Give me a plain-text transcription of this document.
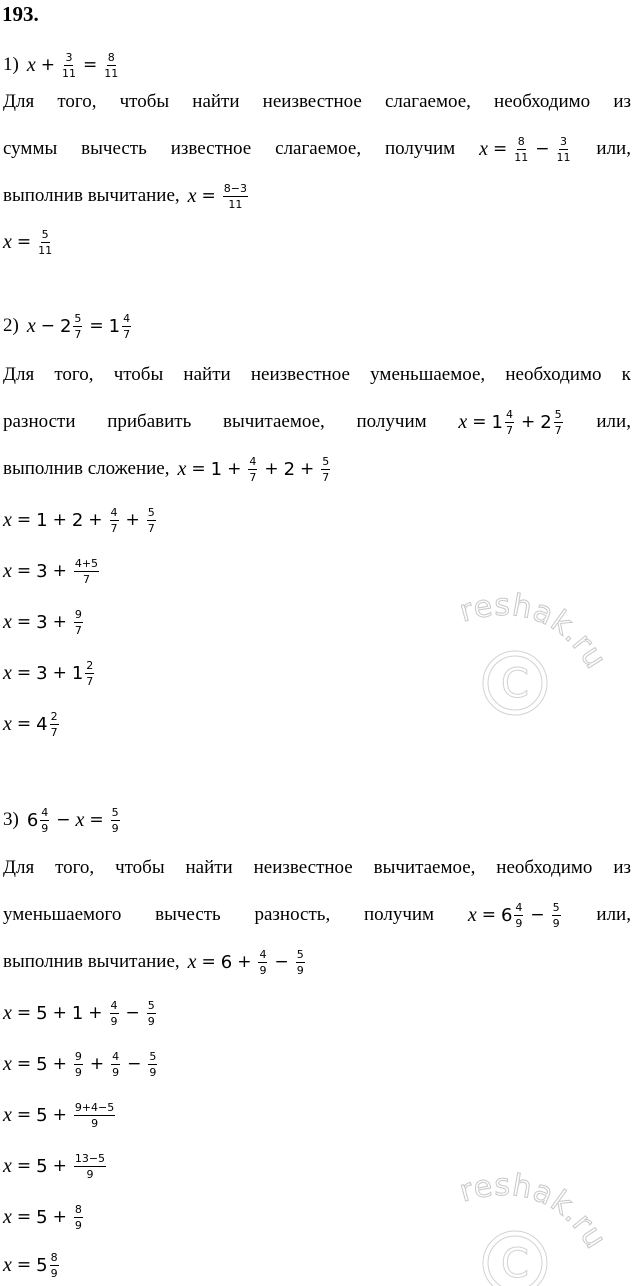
193.
1) $x + \frac{3}{11} = \frac{8}{11}$
Для того, чтобы найти неизвестное слагаемое, необходимо из
суммы вычесть известное слагаемое, получим $x = \frac{8}{11} - \frac{3}{11}$ или,
выполнив вычитание, $x = \frac{8-3}{11}$
$x = \frac{5}{11}$
2) $x - 2 \frac{5}{7} = 1 \frac{4}{7}$
Для того, чтобы найти неизвестное уменьшаемое, необходимо к
разности прибавить вычитаемое, получим $x = 1 \frac{4}{7} + 2 \frac{5}{7}$ или,
выполнив сложение, $x = 1 + \frac{4}{7} + 2 + \frac{5}{7}$
$x = 1 + 2 + \frac{4}{7} + \frac{5}{7}$
$x = 3 + \frac{4+5}{7}$
$x = 3 + \frac{9}{7}$
$x = 3 + 1 \frac{2}{7}$
$x = 4 \frac{2}{7}$
3) $6 \frac{4}{9} - x = \frac{5}{9}$
Для того, чтобы найти неизвестное вычитаемое, необходимо из
уменьшаемого вычесть разность, получим $x = 6 \frac{4}{9} - \frac{5}{9}$ или,
выполнив вычитание, $x = 6 + \frac{4}{9} - \frac{5}{9}$
$x = 5 + 1 + \frac{4}{9} - \frac{5}{9}$
$x = 5 + \frac{9}{9} + \frac{4}{9} - \frac{5}{9}$
$x = 5 + \frac{9+4-5}{9}$
$x = 5 + \frac{13-5}{9}$
$x = 5 + \frac{8}{9}$
$x = 5 \frac{8}{9}$
reshak.ru
C
reshak.ru
C
